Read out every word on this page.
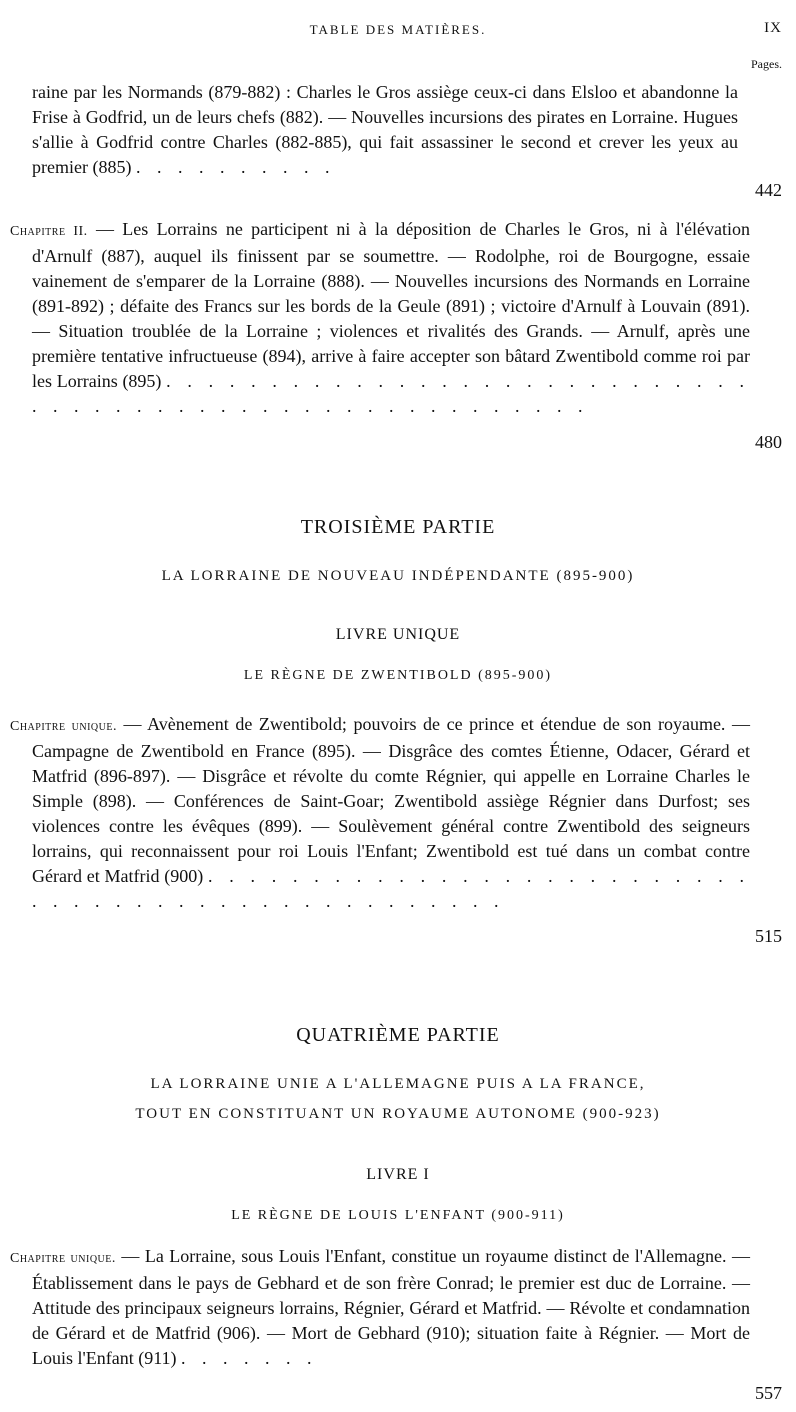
TABLE DES MATIÈRES.	IX
Pages.
raine par les Normands (879-882) : Charles le Gros assiège ceux-ci dans Elsloo et abandonne la Frise à Godfrid, un de leurs chefs (882). — Nouvelles incursions des pirates en Lorraine. Hugues s'allie à Godfrid contre Charles (882-885), qui fait assassiner le second et crever les yeux au premier (885) . . . . . . . . . .
442
Chapitre II. — Les Lorrains ne participent ni à la déposition de Charles le Gros, ni à l'élévation d'Arnulf (887), auquel ils finissent par se soumettre. — Rodolphe, roi de Bourgogne, essaie vainement de s'emparer de la Lorraine (888). — Nouvelles incursions des Normands en Lorraine (891-892) ; défaite des Francs sur les bords de la Geule (891) ; victoire d'Arnulf à Louvain (891). — Situation troublée de la Lorraine ; violences et rivalités des Grands. — Arnulf, après une première tentative infructueuse (894), arrive à faire accepter son bâtard Zwentibold comme roi par les Lorrains (895) . . . . . . . . . . . . . . . . . . . . . . . . . . . . . . . . . . . . . . . . . . . . . . . . . . . . . . .
480
TROISIÈME PARTIE
LA LORRAINE DE NOUVEAU INDÉPENDANTE (895-900)
LIVRE UNIQUE
LE RÈGNE DE ZWENTIBOLD (895-900)
Chapitre unique. — Avènement de Zwentibold; pouvoirs de ce prince et étendue de son royaume. — Campagne de Zwentibold en France (895). — Disgrâce des comtes Étienne, Odacer, Gérard et Matfrid (896-897). — Disgrâce et révolte du comte Régnier, qui appelle en Lorraine Charles le Simple (898). — Conférences de Saint-Goar; Zwentibold assiège Régnier dans Durfost; ses violences contre les évêques (899). — Soulèvement général contre Zwentibold des seigneurs lorrains, qui reconnaissent pour roi Louis l'Enfant; Zwentibold est tué dans un combat contre Gérard et Matfrid (900) . . . . . . . . . . . . . . . . . . . . . . . . . . . . . . . . . . . . . . . . . . . . . . . . .
515
QUATRIÈME PARTIE
LA LORRAINE UNIE A L'ALLEMAGNE PUIS A LA FRANCE,
TOUT EN CONSTITUANT UN ROYAUME AUTONOME (900-923)
LIVRE I
LE RÈGNE DE LOUIS L'ENFANT (900-911)
Chapitre unique. — La Lorraine, sous Louis l'Enfant, constitue un royaume distinct de l'Allemagne. — Établissement dans le pays de Gebhard et de son frère Conrad; le premier est duc de Lorraine. — Attitude des principaux seigneurs lorrains, Régnier, Gérard et Matfrid. — Révolte et condamnation de Gérard et de Matfrid (906). — Mort de Gebhard (910); situation faite à Régnier. — Mort de Louis l'Enfant (911) . . . . . . .
557
